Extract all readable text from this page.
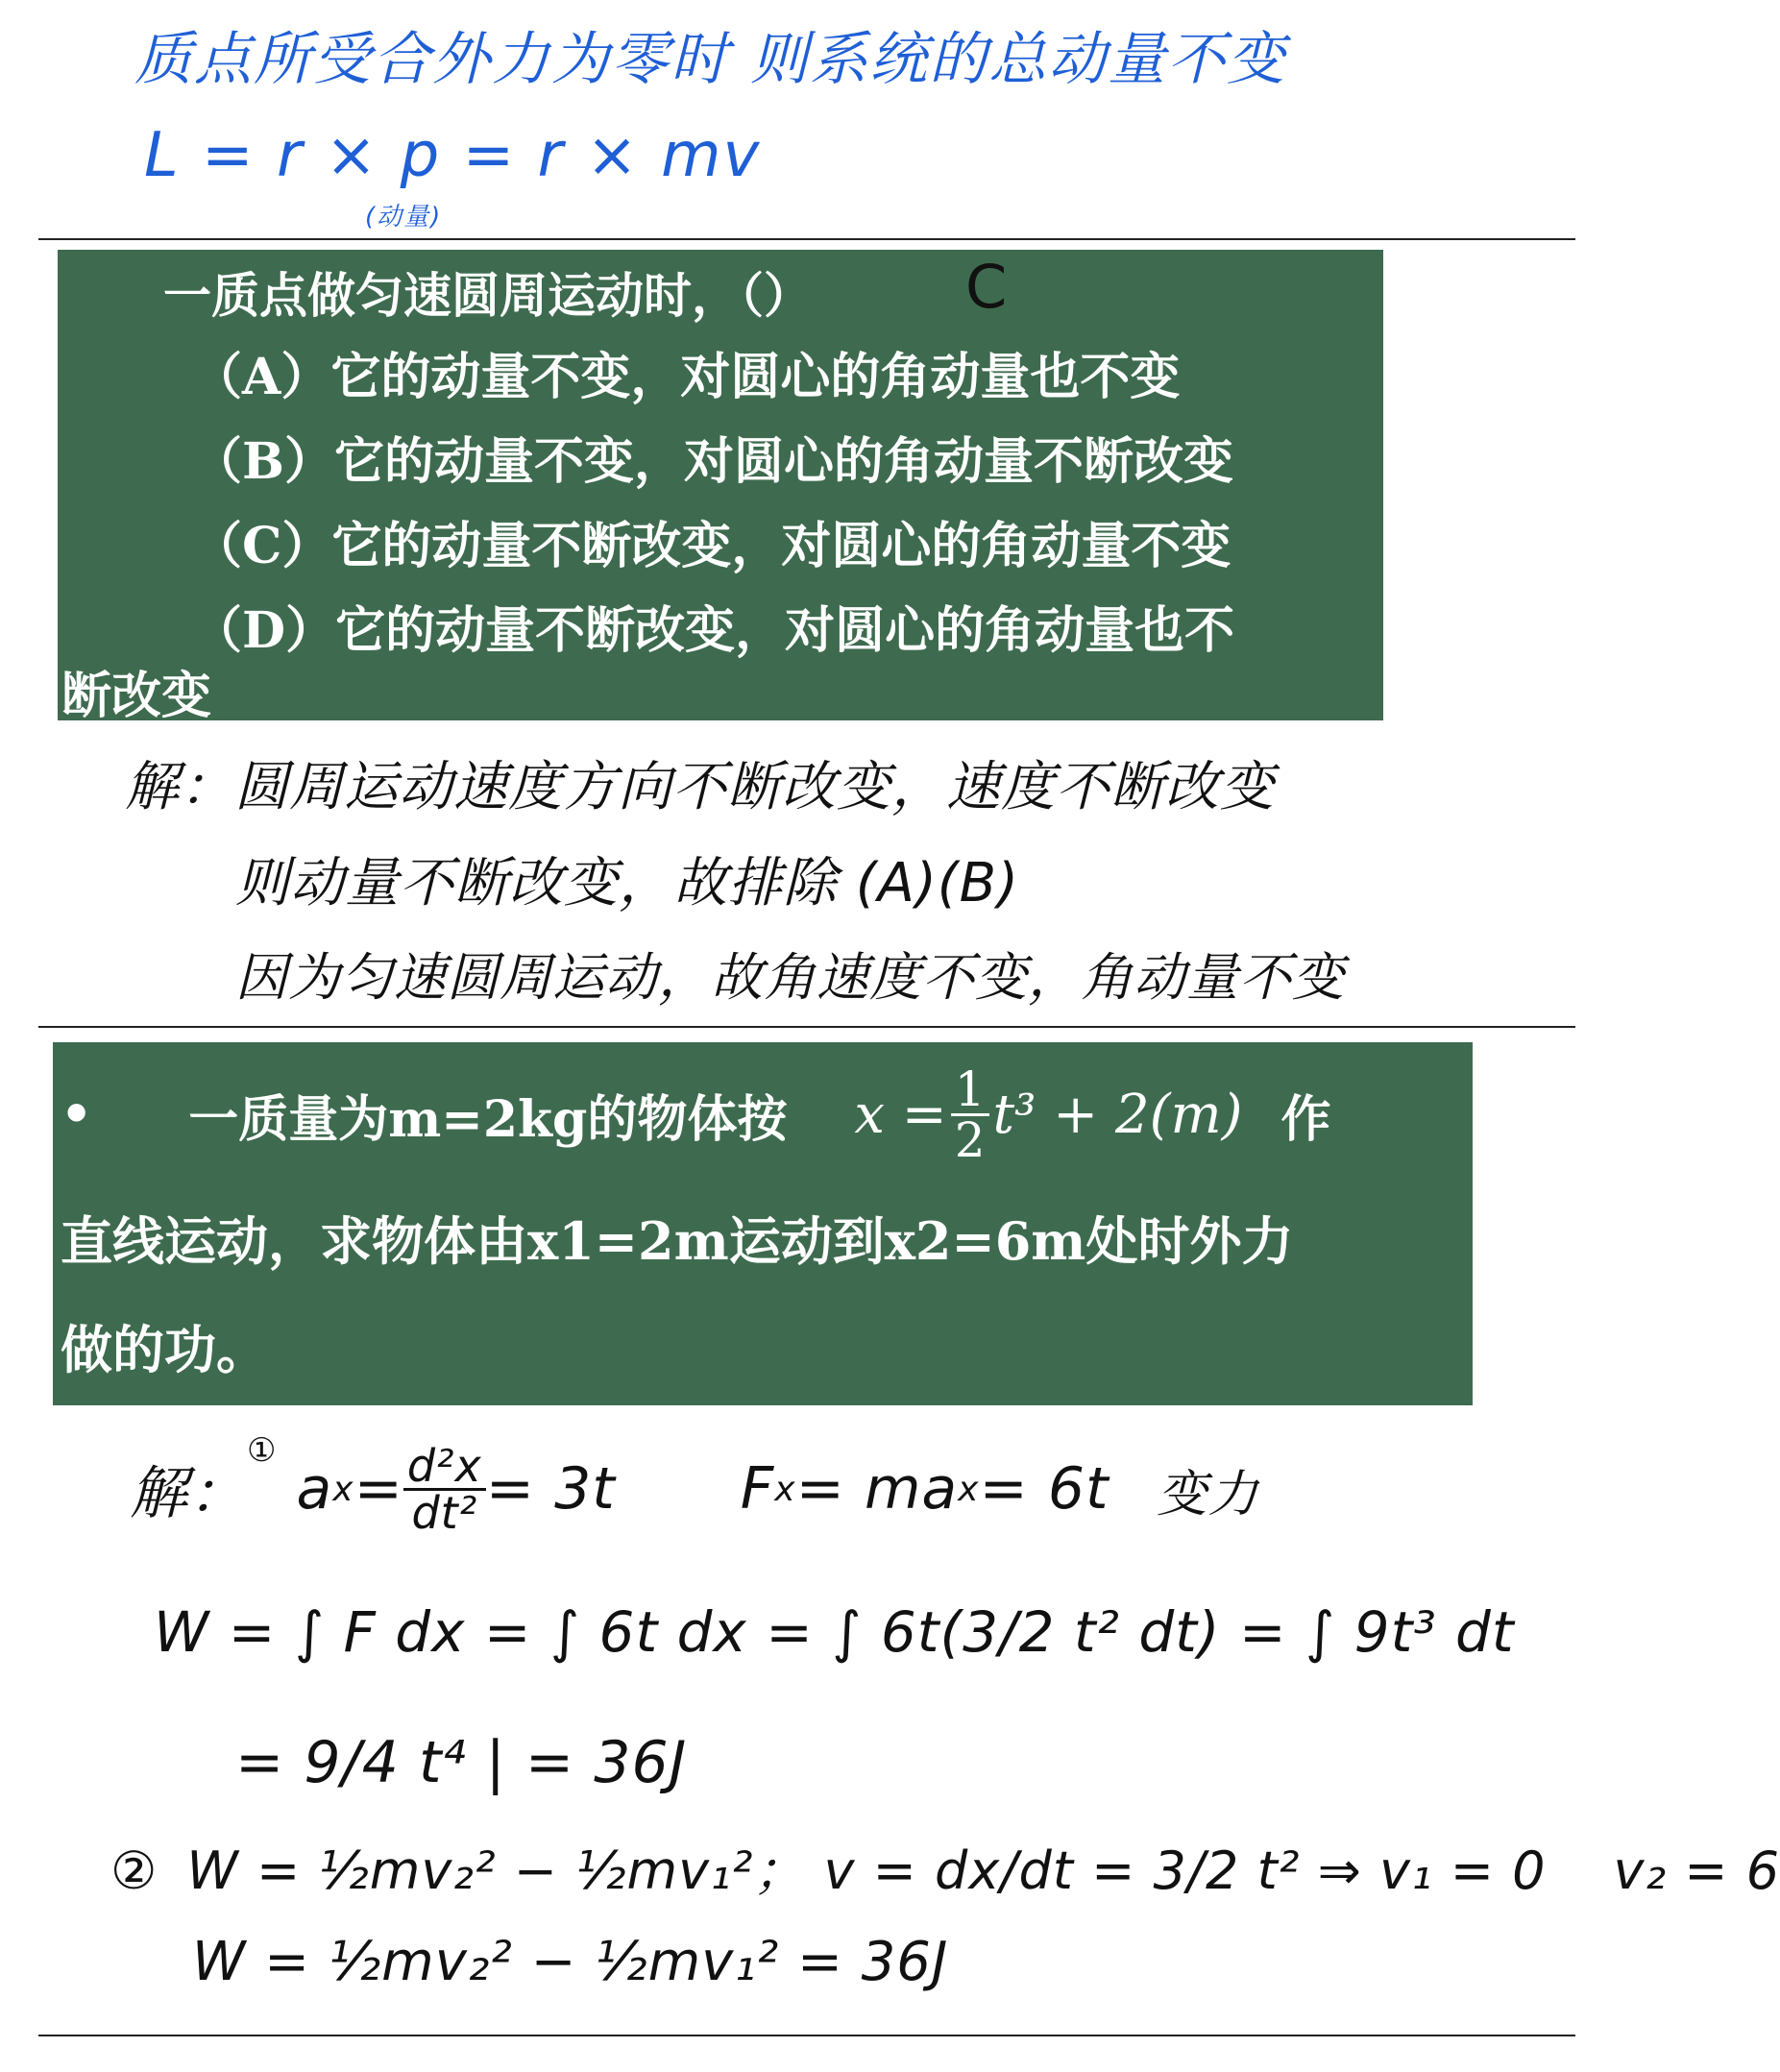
质点所受合外力为零时 则系统的总动量不变
L = r × p = r × mv
(动量)
一质点做匀速圆周运动时，（）
（A）它的动量不变，对圆心的角动量也不变
（B）它的动量不变，对圆心的角动量不断改变
（C）它的动量不断改变，对圆心的角动量不变
（D）它的动量不断改变，对圆心的角动量也不
断改变
C
解：圆周运动速度方向不断改变，速度不断改变
则动量不断改变，故排除 (A)(B)
因为匀速圆周运动，故角速度不变，角动量不变
• 一质量为m=2kg的物体按 $x = \frac{1}{2} t^3 + 2(m)$ 作
直线运动，求物体由x1=2m运动到x2=6m处时外力
做的功。
解：
①
a $x = \frac{\text{d²x}}{\text{dt²}} = 3t$ F x = ma x = 6t 变力
W = ∫ F dx = ∫ 6t dx = ∫ 6t(3/2 t² dt) = ∫ 9t³ dt
= 9/4 t⁴ | = 36J
② W = ½mv₂² − ½mv₁²； v = dx/dt = 3/2 t² ⇒ v₁ = 0 v₂ = 6
W = ½mv₂² − ½mv₁² = 36J
